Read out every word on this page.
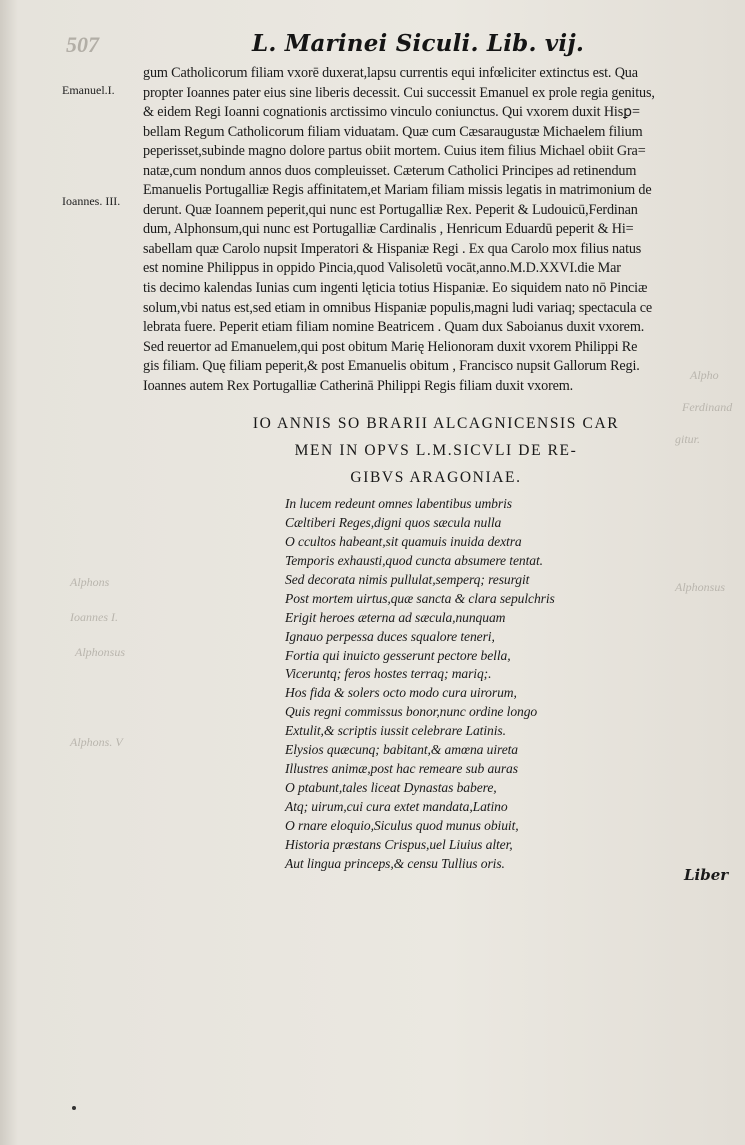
Alpho
Ferdinand
gitur.
Alphonsus
Alphons
Ioannes I.
Alphonsus
Alphons. V
507	L. Marinei Siculi. Lib. vij.
Emanuel.I.
Ioannes. III.
gum Catholicorum filiam vxorē duxerat,lapsu currentis equi infœliciter extinctus est. Qua
propter Ioannes pater eius sine liberis decessit. Cui successit Emanuel ex prole regia genitus,
& eidem Regi Ioanni cognationis arctissimo vinculo coniunctus. Qui vxorem duxit Hisꝑ=
bellam Regum Catholicorum filiam viduatam. Quæ cum Cæsaraugustæ Michaelem filium
peperisset,subinde magno dolore partus obiit mortem. Cuius item filius Michael obiit Gra=
natæ,cum nondum annos duos compleuisset. Cæterum Catholici Principes ad retinendum
Emanuelis Portugalliæ Regis affinitatem,et Mariam filiam missis legatis in matrimonium de
derunt. Quæ Ioannem peperit,qui nunc est Portugalliæ Rex. Peperit & Ludouicū,Ferdinan
dum, Alphonsum,qui nunc est Portugalliæ Cardinalis , Henricum Eduardū peperit & Hi=
sabellam quæ Carolo nupsit Imperatori & Hispaniæ Regi . Ex qua Carolo mox filius natus
est nomine Philippus in oppido Pincia,quod Valisoletū vocāt,anno.M.D.XXVI.die Mar
tis decimo kalendas Iunias cum ingenti lęticia totius Hispaniæ. Eo siquidem nato nō Pinciæ
solum,vbi natus est,sed etiam in omnibus Hispaniæ populis,magni ludi variaq; spectacula ce
lebrata fuere. Peperit etiam filiam nomine Beatricem . Quam dux Saboianus duxit vxorem.
Sed reuertor ad Emanuelem,qui post obitum Marię Helionoram duxit vxorem Philippi Re
gis filiam. Quę filiam peperit,& post Emanuelis obitum , Francisco nupsit Gallorum Regi.
Ioannes autem Rex Portugalliæ Catherinā Philippi Regis filiam duxit vxorem.
IO ANNIS SO BRARII ALCAGNICENSIS CAR
MEN IN OPVS L.M.SICVLI DE RE-
GIBVS ARAGONIAE.
In lucem redeunt omnes labentibus umbris
Cæltiberi Reges,digni quos sæcula nulla
O ccultos habeant,sit quamuis inuida dextra
Temporis exhausti,quod cuncta absumere tentat.
Sed decorata nimis pullulat,semperq; resurgit
Post mortem uirtus,quæ sancta & clara sepulchris
Erigit heroes æterna ad sæcula,nunquam
Ignauo perpessa duces squalore teneri,
Fortia qui inuicto gesserunt pectore bella,
Viceruntq; feros hostes terraq; mariq;.
Hos fida & solers octo modo cura uirorum,
Quis regni commissus bonor,nunc ordine longo
Extulit,& scriptis iussit celebrare Latinis.
Elysios quæcunq; babitant,& amœna uireta
Illustres animæ,post hac remeare sub auras
O ptabunt,tales liceat Dynastas babere,
Atq; uirum,cui cura extet mandata,Latino
O rnare eloquio,Siculus quod munus obiuit,
Historia præstans Crispus,uel Liuius alter,
Aut lingua princeps,& censu Tullius oris.
Liber
